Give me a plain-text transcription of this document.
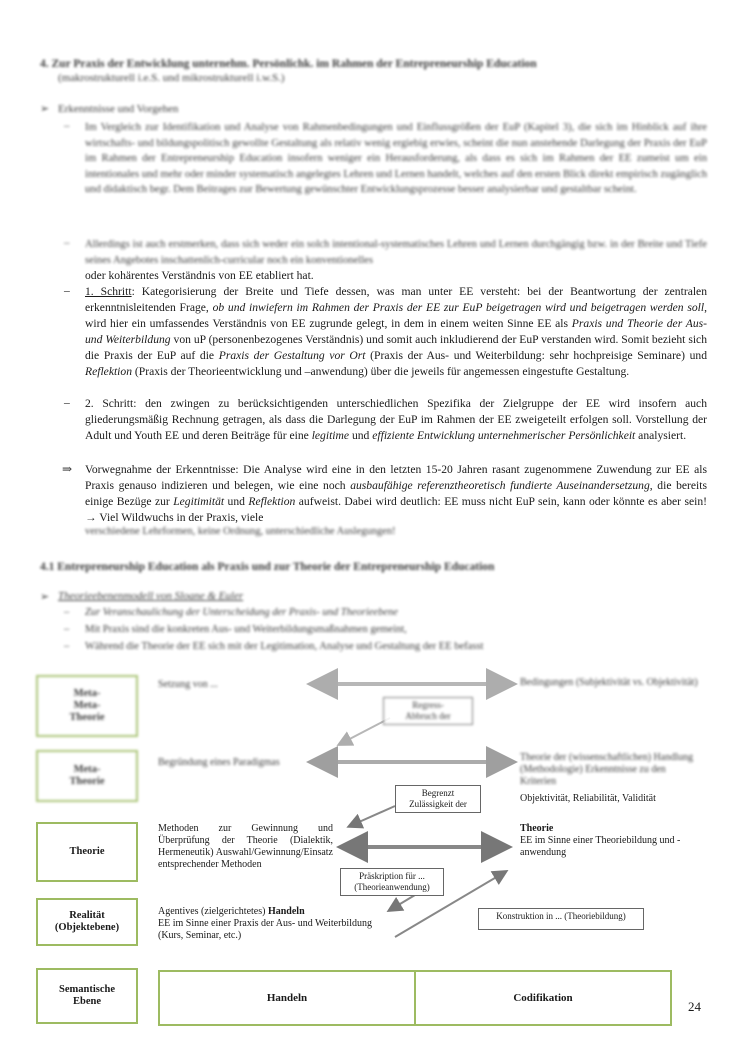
4. Zur Praxis der Entwicklung unternehm. Persönlichk. im Rahmen der Entrepreneurship Education
(makrostrukturell i.e.S. und mikrostrukturell i.w.S.)
➢ Erkenntnisse und Vorgehen
– Im Vergleich zur Identifikation und Analyse von Rahmenbedingungen und Einflussgrößen der EuP (Kapitel 3), die sich im Hinblick auf ihre wirtschafts- und bildungspolitisch gewollte Gestaltung als relativ wenig ergiebig erwies, scheint die nun anstehende Darlegung der Praxis der EuP im Rahmen der Entrepreneurship Education insofern weniger ein Herausforderung, als dass es sich im Rahmen der EE zumeist um ein intentionales und mehr oder minder systematisch angelegtes Lehren und Lernen handelt, welches auf den ersten Blick direkt empirisch zugänglich und didaktisch begr. Dem Beitrages zur Bewertung gewünschter Entwicklungsprozesse besser analysierbar und gestaltbar scheint.
– Allerdings ist auch erstmerken, dass sich weder ein solch intentional-systematisches Lehren und Lernen durchgängig bzw. in der Breite und Tiefe seines Angebotes inschattenlich-curricular noch ein konventionelles
oder kohärentes Verständnis von EE etabliert hat.
– 1. Schritt: Kategorisierung der Breite und Tiefe dessen, was man unter EE versteht: bei der Beantwortung der zentralen erkenntnisleitenden Frage, ob und inwiefern im Rahmen der Praxis der EE zur EuP beigetragen wird und beigetragen werden soll, wird hier ein umfassendes Verständnis von EE zugrunde gelegt, in dem in einem weiten Sinne EE als Praxis und Theorie der Aus- und Weiterbildung von uP (personenbezogenes Verständnis) und somit auch inkludierend der EuP verstanden wird. Somit bezieht sich die Praxis der EuP auf die Praxis der Gestaltung vor Ort (Praxis der Aus- und Weiterbildung: sehr hochpreisige Seminare) und Reflektion (Praxis der Theorieentwicklung und –anwendung) über die jeweils für angemessen eingestufte Gestaltung.
– 2. Schritt: den zwingen zu berücksichtigenden unterschiedlichen Spezifika der Zielgruppe der EE wird insofern auch gliederungsmäßig Rechnung getragen, als dass die Darlegung der EuP im Rahmen der EE zweigeteilt erfolgen soll. Vorstellung der Adult und Youth EE und deren Beiträge für eine legitime und effiziente Entwicklung unternehmerischer Persönlichkeit analysiert.
⇒ Vorwegnahme der Erkenntnisse: Die Analyse wird eine in den letzten 15-20 Jahren rasant zugenommene Zuwendung zur EE als Praxis genauso indizieren und belegen, wie eine noch ausbaufähige referenztheoretisch fundierte Auseinandersetzung, die bereits einige Bezüge zur Legitimität und Reflektion aufweist. Dabei wird deutlich: EE muss nicht EuP sein, kann oder könnte es aber sein! → Viel Wildwuchs in der Praxis, viele
verschiedene Lehrformen, keine Ordnung, unterschiedliche Auslegungen!
4.1 Entrepreneurship Education als Praxis und zur Theorie der Entrepreneurship Education
➢ Theorieebenenmodell von Sloane & Euler
– Zur Veranschaulichung der Unterscheidung der Praxis- und Theorieebene
– Mit Praxis sind die konkreten Aus- und Weiterbildungsmaßnahmen gemeint,
– Während die Theorie der EE sich mit der Legitimation, Analyse und Gestaltung der EE befasst
Meta-
Meta-
Theorie
Meta-
Theorie
Theorie
Realität
(Objektebene)
Semantische
Ebene
Setzung von ...	Bedingungen (Subjektivität vs. Objektivität)
Regress-
Abbruch der
Begründung eines Paradigmas	Theorie der (wissenschaftlichen) Handlung (Methodologie) Erkenntnisse zu den Kriterien
Objektivität, Reliabilität, Validität
Begrenzt
Zulässigkeit der
Methoden zur Gewinnung und Überprüfung der Theorie (Dialektik, Hermeneutik) Auswahl/Gewinnung/Einsatz entsprechender Methoden
Theorie
EE im Sinne einer Theoriebildung und -anwendung
Präskription für ...
(Theorieanwendung)
Agentives (zielgerichtetes) Handeln
EE im Sinne einer Praxis der Aus- und Weiterbildung (Kurs, Seminar, etc.)
Konstruktion in ... (Theoriebildung)
Handeln	Codifikation
24
